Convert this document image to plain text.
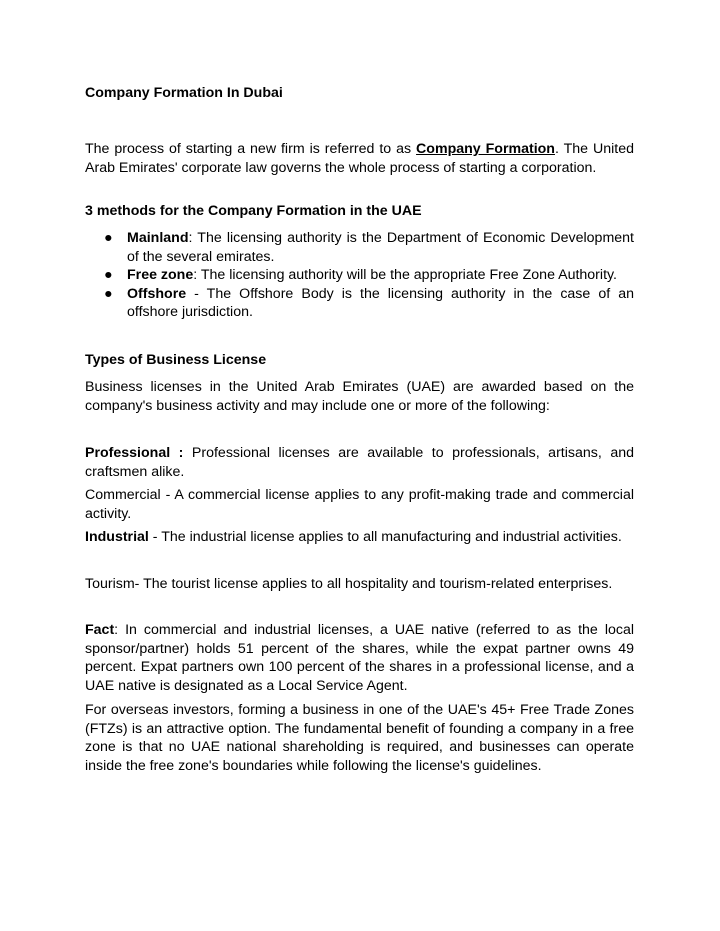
Company Formation In Dubai

The process of starting a new firm is referred to as Company Formation. The United Arab Emirates' corporate law governs the whole process of starting a corporation.

3 methods for the Company Formation in the UAE

● Mainland: The licensing authority is the Department of Economic Development of the several emirates.
● Free zone: The licensing authority will be the appropriate Free Zone Authority.
● Offshore - The Offshore Body is the licensing authority in the case of an offshore jurisdiction.

Types of Business License

Business licenses in the United Arab Emirates (UAE) are awarded based on the company's business activity and may include one or more of the following:

Professional : Professional licenses are available to professionals, artisans, and craftsmen alike.

Commercial - A commercial license applies to any profit-making trade and commercial activity.

Industrial - The industrial license applies to all manufacturing and industrial activities.

Tourism- The tourist license applies to all hospitality and tourism-related enterprises.

Fact: In commercial and industrial licenses, a UAE native (referred to as the local sponsor/partner) holds 51 percent of the shares, while the expat partner owns 49 percent. Expat partners own 100 percent of the shares in a professional license, and a UAE native is designated as a Local Service Agent.

For overseas investors, forming a business in one of the UAE's 45+ Free Trade Zones (FTZs) is an attractive option. The fundamental benefit of founding a company in a free zone is that no UAE national shareholding is required, and businesses can operate inside the free zone's boundaries while following the license's guidelines.
